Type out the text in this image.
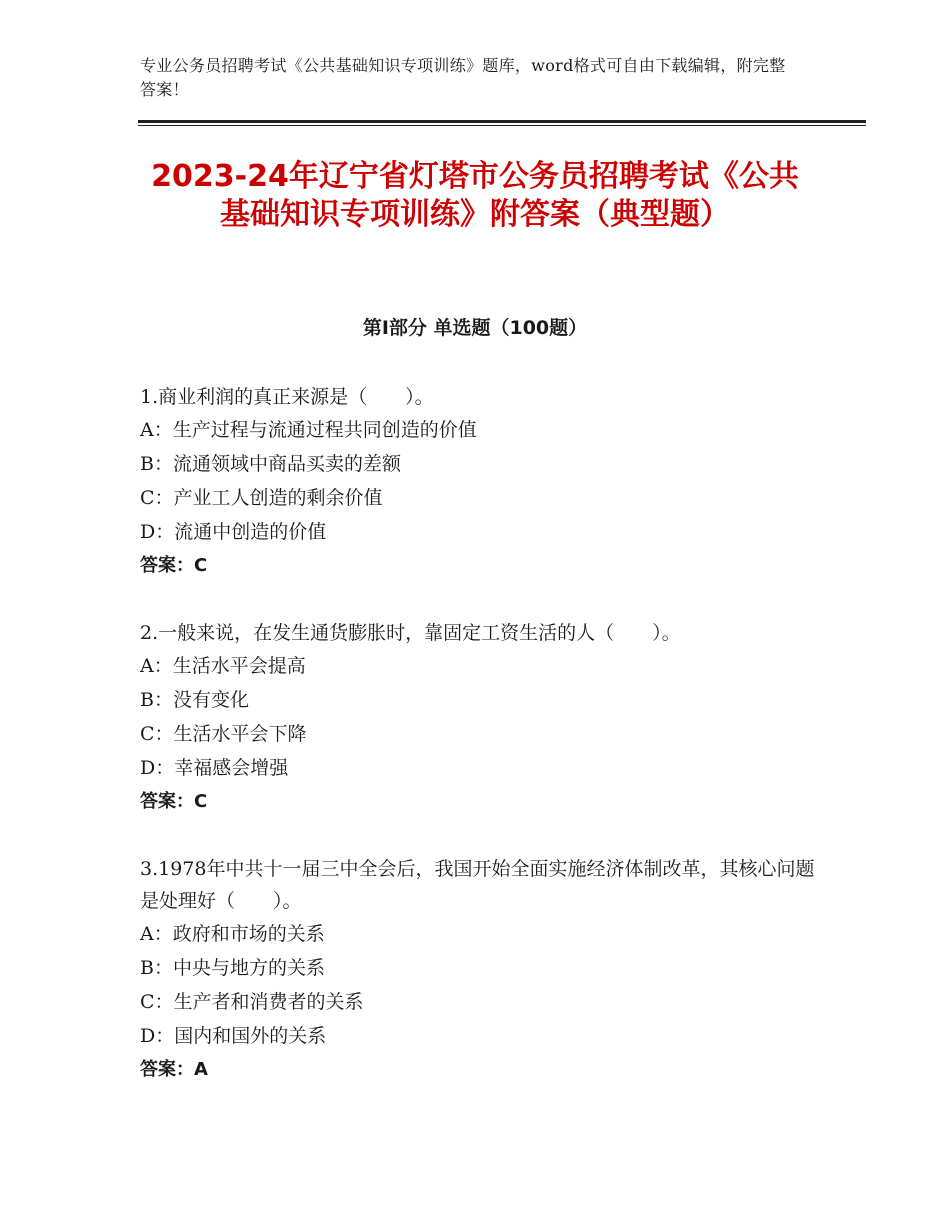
专业公务员招聘考试《公共基础知识专项训练》题库，word格式可自由下载编辑，附完整答案！
2023-24年辽宁省灯塔市公务员招聘考试《公共基础知识专项训练》附答案（典型题）
第Ⅰ部分 单选题（100题）
1.商业利润的真正来源是（　　）。
A：生产过程与流通过程共同创造的价值
B：流通领域中商品买卖的差额
C：产业工人创造的剩余价值
D：流通中创造的价值
答案：C
2.一般来说，在发生通货膨胀时，靠固定工资生活的人（　　）。
A：生活水平会提高
B：没有变化
C：生活水平会下降
D：幸福感会增强
答案：C
3.1978年中共十一届三中全会后，我国开始全面实施经济体制改革，其核心问题是处理好（　　）。
A：政府和市场的关系
B：中央与地方的关系
C：生产者和消费者的关系
D：国内和国外的关系
答案：A
